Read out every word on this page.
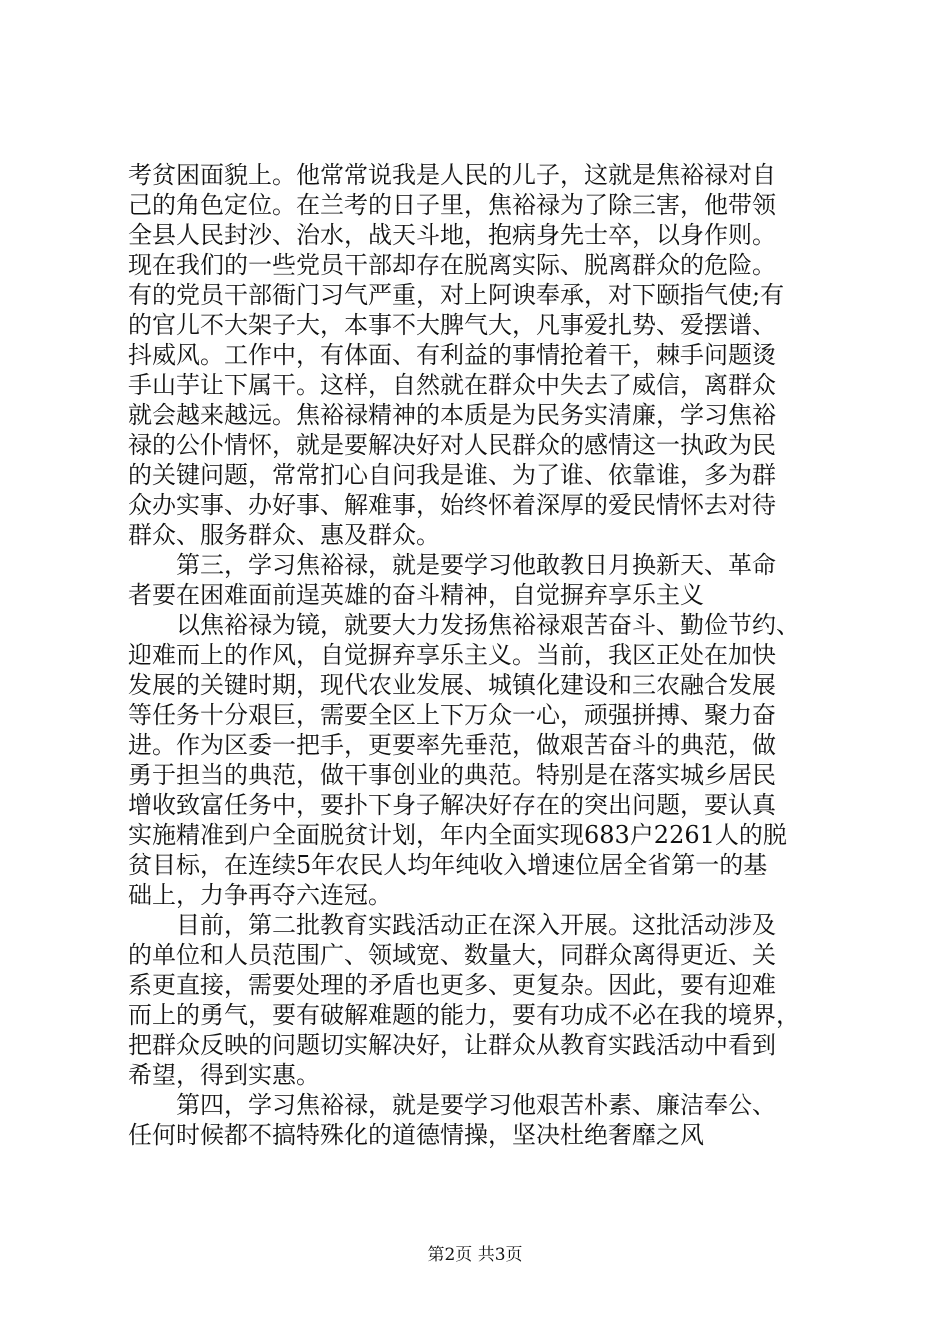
考贫困面貌上。他常常说我是人民的儿子，这就是焦裕禄对自
己的角色定位。在兰考的日子里，焦裕禄为了除三害，他带领
全县人民封沙、治水，战天斗地，抱病身先士卒，以身作则。
现在我们的一些党员干部却存在脱离实际、脱离群众的危险。
有的党员干部衙门习气严重，对上阿谀奉承，对下颐指气使;有
的官儿不大架子大，本事不大脾气大，凡事爱扎势、爱摆谱、
抖威风。工作中，有体面、有利益的事情抢着干，棘手问题烫
手山芋让下属干。这样，自然就在群众中失去了威信，离群众
就会越来越远。焦裕禄精神的本质是为民务实清廉，学习焦裕
禄的公仆情怀，就是要解决好对人民群众的感情这一执政为民
的关键问题，常常扪心自问我是谁、为了谁、依靠谁，多为群
众办实事、办好事、解难事，始终怀着深厚的爱民情怀去对待
群众、服务群众、惠及群众。
　　第三，学习焦裕禄，就是要学习他敢教日月换新天、革命
者要在困难面前逞英雄的奋斗精神，自觉摒弃享乐主义
　　以焦裕禄为镜，就要大力发扬焦裕禄艰苦奋斗、勤俭节约、
迎难而上的作风，自觉摒弃享乐主义。当前，我区正处在加快
发展的关键时期，现代农业发展、城镇化建设和三农融合发展
等任务十分艰巨，需要全区上下万众一心，顽强拼搏、聚力奋
进。作为区委一把手，更要率先垂范，做艰苦奋斗的典范，做
勇于担当的典范，做干事创业的典范。特别是在落实城乡居民
增收致富任务中，要扑下身子解决好存在的突出问题，要认真
实施精准到户全面脱贫计划，年内全面实现683户2261人的脱
贫目标，在连续5年农民人均年纯收入增速位居全省第一的基
础上，力争再夺六连冠。
　　目前，第二批教育实践活动正在深入开展。这批活动涉及
的单位和人员范围广、领域宽、数量大，同群众离得更近、关
系更直接，需要处理的矛盾也更多、更复杂。因此，要有迎难
而上的勇气，要有破解难题的能力，要有功成不必在我的境界，
把群众反映的问题切实解决好，让群众从教育实践活动中看到
希望，得到实惠。
　　第四，学习焦裕禄，就是要学习他艰苦朴素、廉洁奉公、
任何时候都不搞特殊化的道德情操，坚决杜绝奢靡之风
第2页 共3页
